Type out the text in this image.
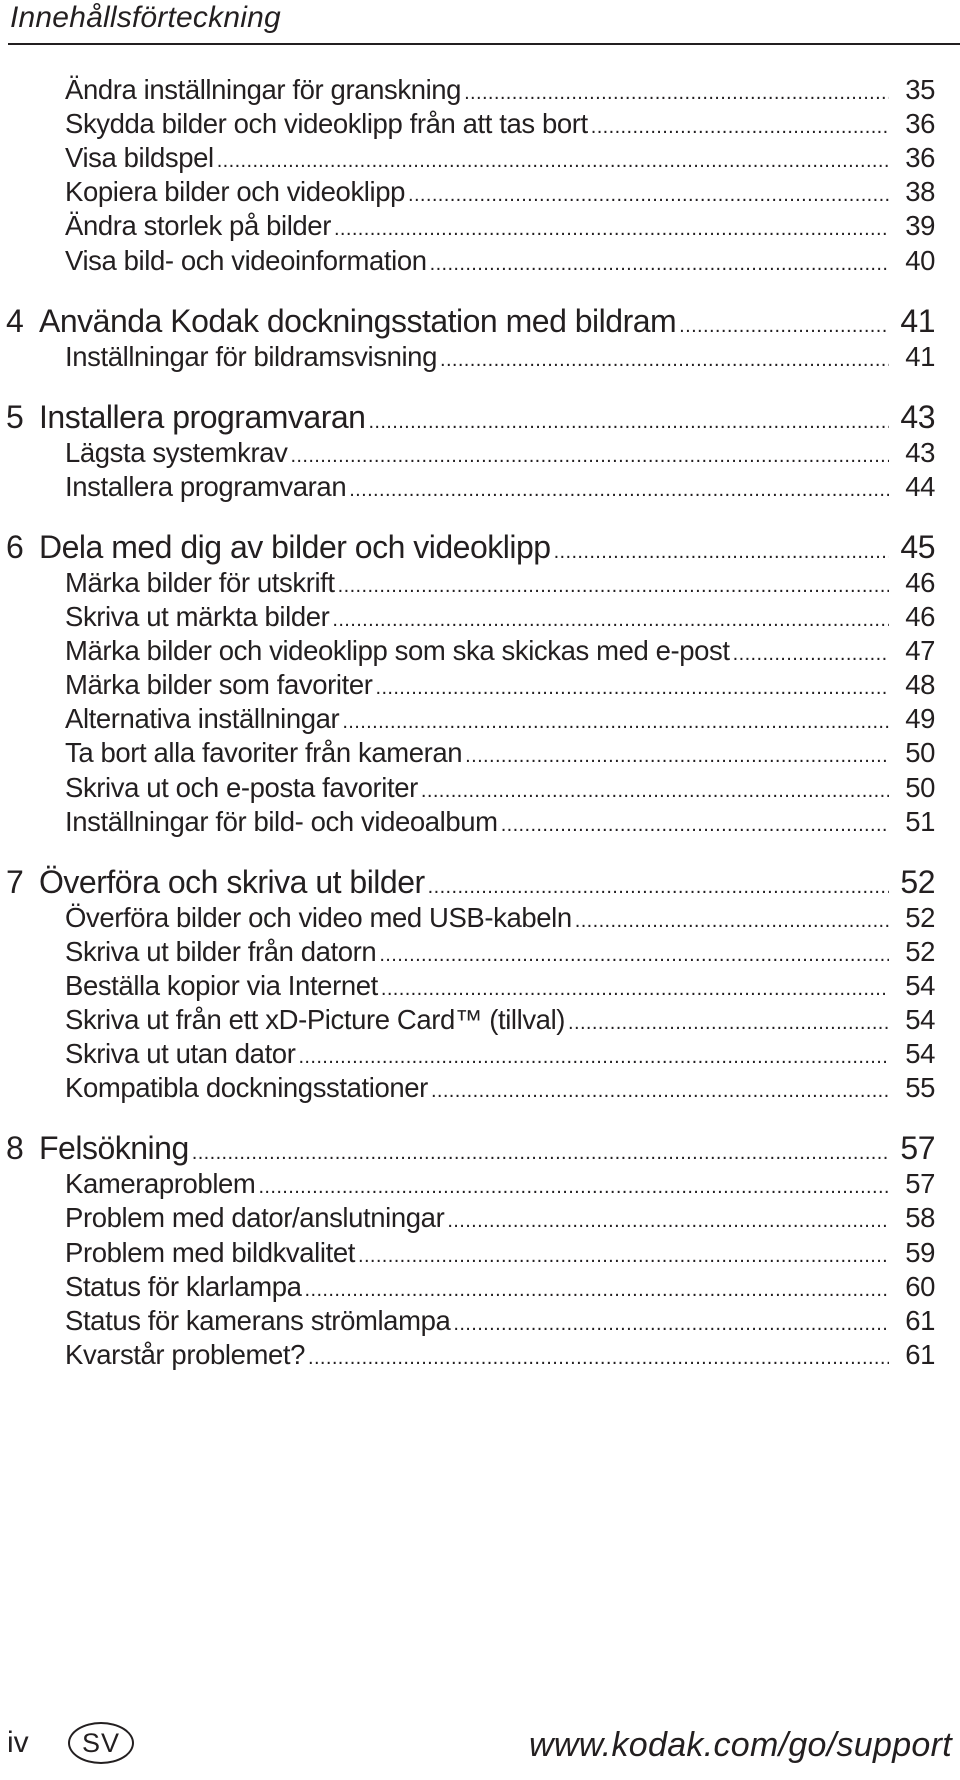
Innehållsförteckning
Ändra inställningar för granskning .....	35
Skydda bilder och videoklipp från att tas bort .....	36
Visa bildspel .....	36
Kopiera bilder och videoklipp .....	38
Ändra storlek på bilder .....	39
Visa bild- och videoinformation .....	40
4 Använda Kodak dockningsstation med bildram .....	41
Inställningar för bildramsvisning .....	41
5 Installera programvaran .....	43
Lägsta systemkrav .....	43
Installera programvaran .....	44
6 Dela med dig av bilder och videoklipp .....	45
Märka bilder för utskrift .....	46
Skriva ut märkta bilder .....	46
Märka bilder och videoklipp som ska skickas med e-post .....	47
Märka bilder som favoriter .....	48
Alternativa inställningar .....	49
Ta bort alla favoriter från kameran .....	50
Skriva ut och e-posta favoriter .....	50
Inställningar för bild- och videoalbum .....	51
7 Överföra och skriva ut bilder .....	52
Överföra bilder och video med USB-kabeln .....	52
Skriva ut bilder från datorn .....	52
Beställa kopior via Internet .....	54
Skriva ut från ett xD-Picture Card™ (tillval) .....	54
Skriva ut utan dator .....	54
Kompatibla dockningsstationer .....	55
8 Felsökning .....	57
Kameraproblem .....	57
Problem med dator/anslutningar .....	58
Problem med bildkvalitet .....	59
Status för klarlampa .....	60
Status för kamerans strömlampa .....	61
Kvarstår problemet? .....	61
iv	SV	www.kodak.com/go/support
